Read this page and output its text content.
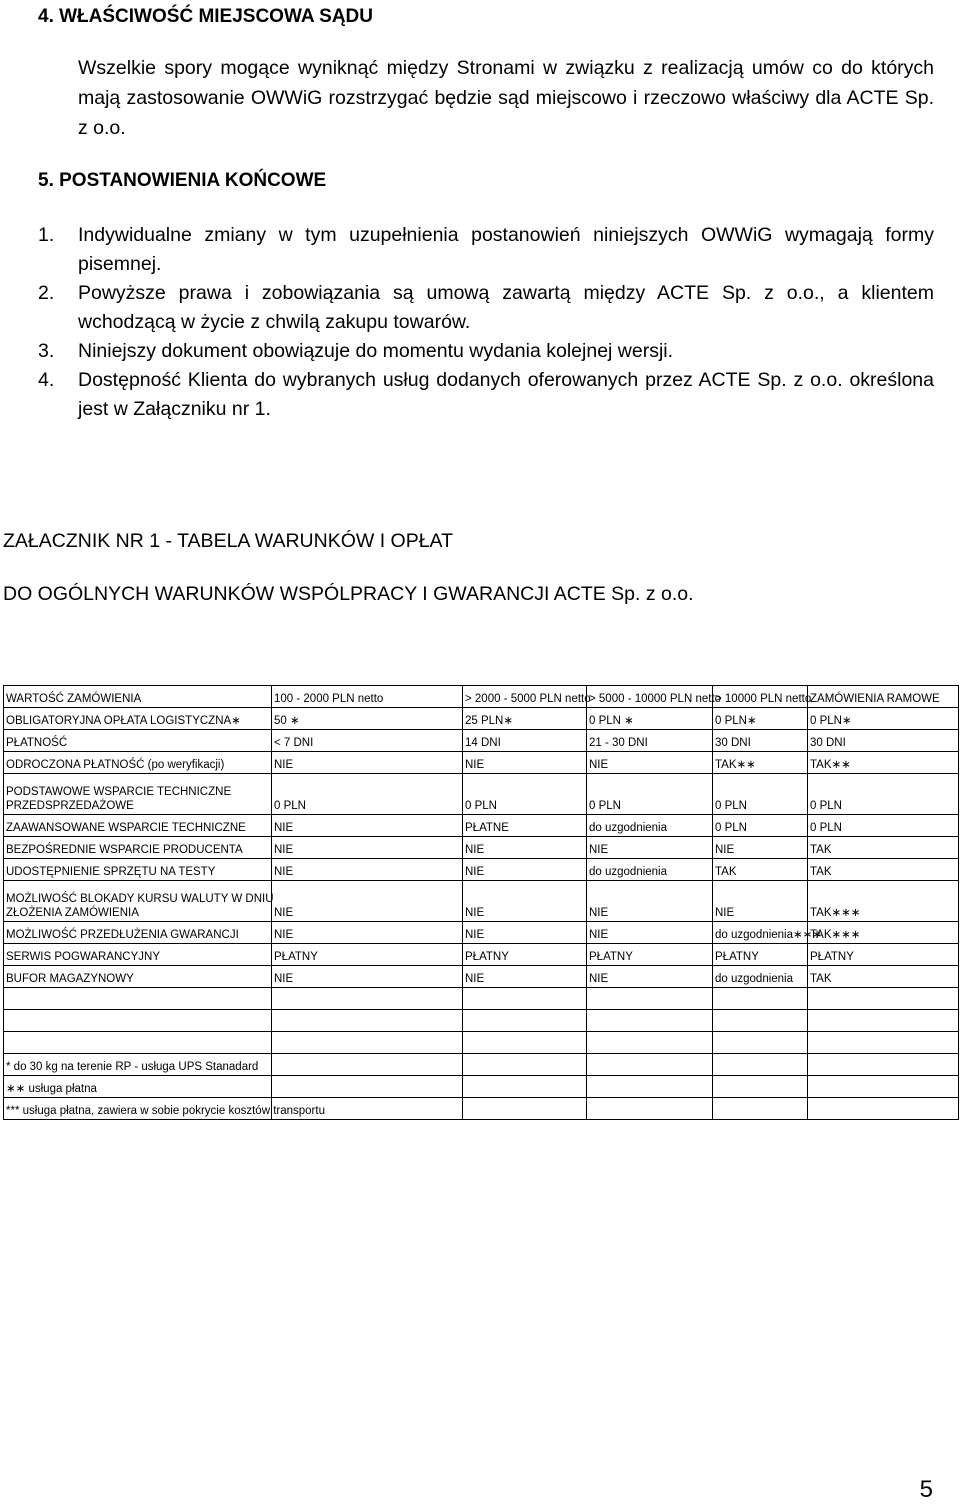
4. WŁAŚCIWOŚĆ MIEJSCOWA SĄDU
Wszelkie spory mogące wyniknąć między Stronami w związku z realizacją umów co do których mają zastosowanie OWWiG rozstrzygać będzie sąd miejscowo i rzeczowo właściwy dla ACTE Sp. z o.o.
5. POSTANOWIENIA KOŃCOWE
1. Indywidualne zmiany w tym uzupełnienia postanowień niniejszych OWWiG wymagają formy pisemnej.
2. Powyższe prawa i zobowiązania są umową zawartą między ACTE Sp. z o.o., a klientem wchodzącą w życie z chwilą zakupu towarów.
3. Niniejszy dokument obowiązuje do momentu wydania kolejnej wersji.
4. Dostępność Klienta do wybranych usług dodanych oferowanych przez ACTE Sp. z o.o. określona jest w Załączniku nr 1.
ZAŁACZNIK NR 1 - TABELA WARUNKÓW I OPŁAT
DO OGÓLNYCH WARUNKÓW WSPÓLPRACY I GWARANCJI ACTE Sp. z o.o.
WARTOŚĆ ZAMÓWIENIA	100 - 2000 PLN netto	> 2000 - 5000 PLN netto	> 5000 - 10000 PLN netto	> 10000 PLN netto	ZAMÓWIENIA RAMOWE
OBLIGATORYJNA OPŁATA LOGISTYCZNA∗	50 ∗	25 PLN∗	0 PLN ∗	0 PLN∗	0 PLN∗
PŁATNOŚĆ	< 7 DNI	14 DNI	21 - 30 DNI	30 DNI	30 DNI
ODROCZONA PŁATNOŚĆ (po weryfikacji)	NIE	NIE	NIE	TAK∗∗	TAK∗∗

PODSTAWOWE WSPARCIE TECHNICZNE
PRZEDSPRZEDAŻOWE	0 PLN	0 PLN	0 PLN	0 PLN	0 PLN
ZAAWANSOWANE WSPARCIE TECHNICZNE	NIE	PŁATNE	do uzgodnienia	0 PLN	0 PLN
BEZPOŚREDNIE WSPARCIE PRODUCENTA	NIE	NIE	NIE	NIE	TAK
UDOSTĘPNIENIE SPRZĘTU NA TESTY	NIE	NIE	do uzgodnienia	TAK	TAK

MOŻLIWOŚĆ BLOKADY KURSU WALUTY W DNIU
ZŁOŻENIA ZAMÓWIENIA	NIE	NIE	NIE	NIE	TAK∗∗∗
MOŻLIWOŚĆ PRZEDŁUŻENIA GWARANCJI	NIE	NIE	NIE	do uzgodnienia∗∗∗	TAK∗∗∗
SERWIS POGWARANCYJNY	PŁATNY	PŁATNY	PŁATNY	PŁATNY	PŁATNY
BUFOR MAGAZYNOWY	NIE	NIE	NIE	do uzgodnienia	TAK

* do 30 kg na terenie RP - usługa UPS Stanadard					
∗∗ usługa płatna					
*** usługa płatna, zawiera w sobie pokrycie kosztów transportu					
5
